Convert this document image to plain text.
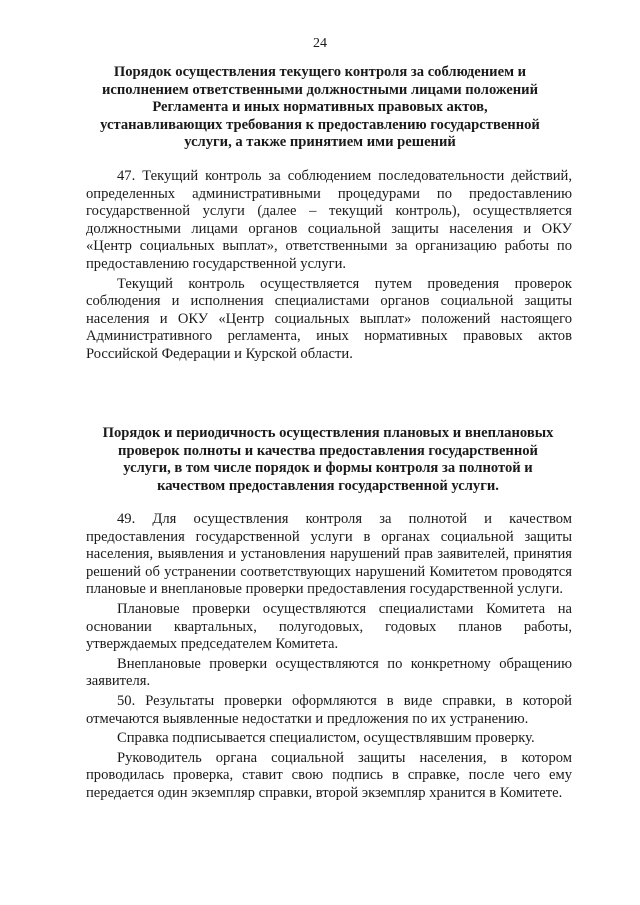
24
Порядок осуществления текущего контроля за соблюдением и исполнением ответственными должностными лицами положений Регламента и иных нормативных правовых актов, устанавливающих требования к предоставлению государственной услуги, а также принятием ими решений

47. Текущий контроль за соблюдением последовательности действий, определенных административными процедурами по предоставлению государственной услуги (далее – текущий контроль), осуществляется должностными лицами органов социальной защиты населения и ОКУ «Центр социальных выплат», ответственными за организацию работы по предоставлению государственной услуги.

Текущий контроль осуществляется путем проведения проверок соблюдения и исполнения специалистами органов социальной защиты населения и ОКУ «Центр социальных выплат» положений настоящего Административного регламента, иных нормативных правовых актов Российской Федерации и Курской области.

Порядок и периодичность осуществления плановых и внеплановых проверок полноты и качества предоставления государственной услуги, в том числе порядок и формы контроля за полнотой и качеством предоставления государственной услуги.

49. Для осуществления контроля за полнотой и качеством предоставления государственной услуги в органах социальной защиты населения, выявления и установления нарушений прав заявителей, принятия решений об устранении соответствующих нарушений Комитетом проводятся плановые и внеплановые проверки предоставления государственной услуги.

Плановые проверки осуществляются специалистами Комитета на основании квартальных, полугодовых, годовых планов работы, утверждаемых председателем Комитета.

Внеплановые проверки осуществляются по конкретному обращению заявителя.

50. Результаты проверки оформляются в виде справки, в которой отмечаются выявленные недостатки и предложения по их устранению.

Справка подписывается специалистом, осуществлявшим проверку.

Руководитель органа социальной защиты населения, в котором проводилась проверка, ставит свою подпись в справке, после чего ему передается один экземпляр справки, второй экземпляр хранится в Комитете.
